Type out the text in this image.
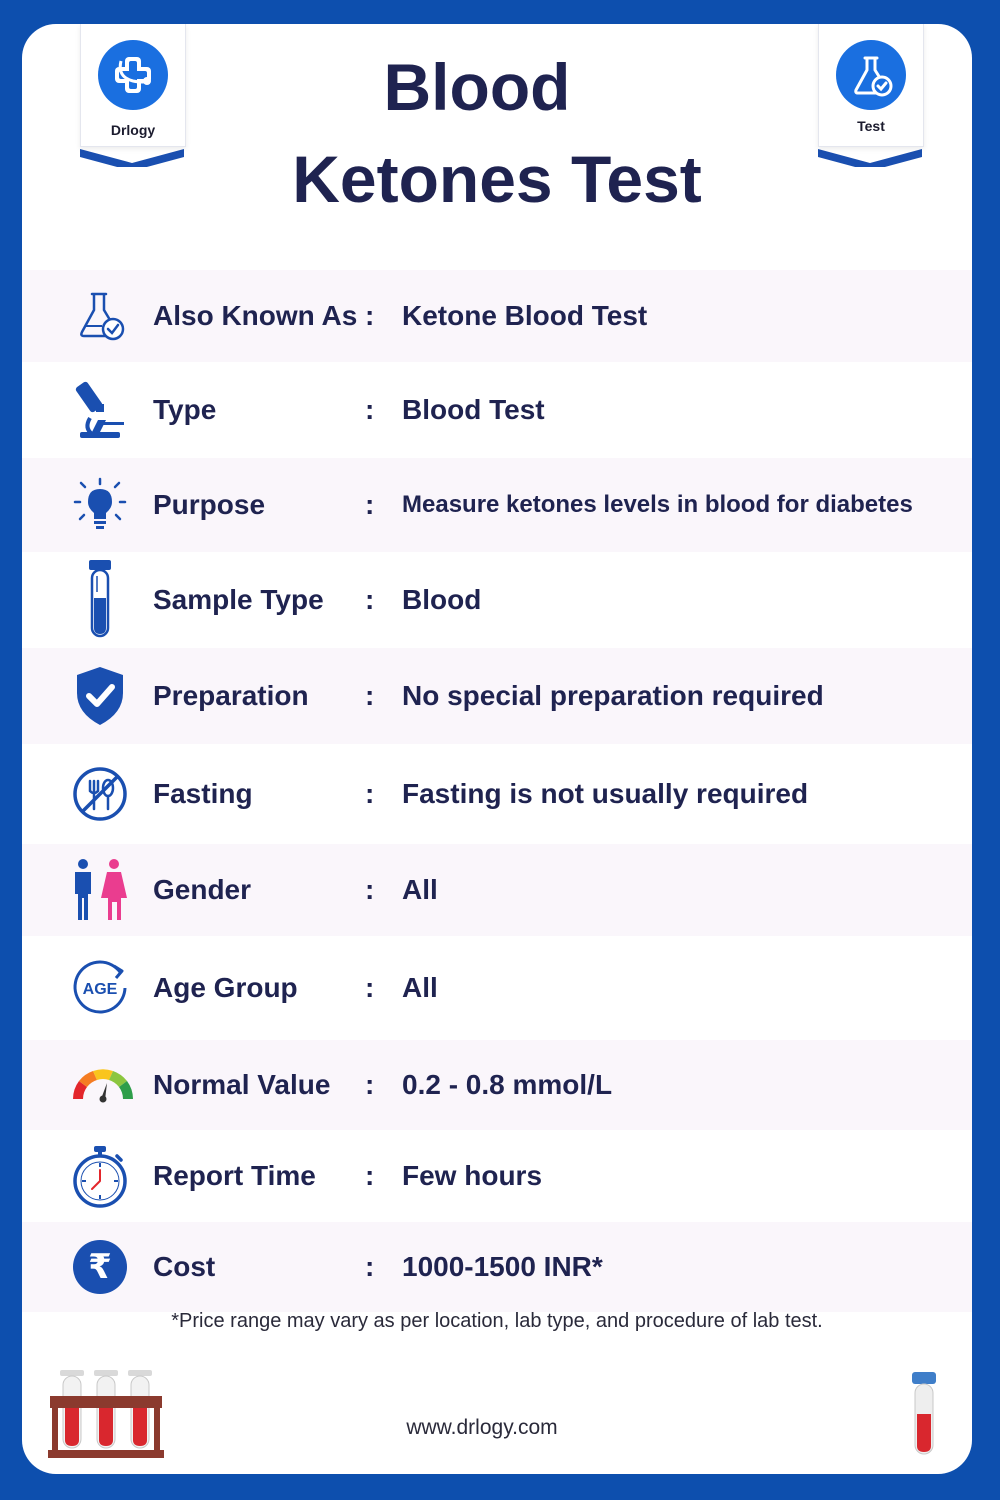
Drlogy	Test
Blood
Ketones Test
Also Known As : Ketone Blood Test
Type	: Blood Test
Purpose	: Measure ketones levels in blood for diabetes
Sample Type : Blood
Preparation : No special preparation required
Fasting	: Fasting is not usually required
Gender	: All
AGE Age Group : All
Normal Value : 0.2 - 0.8 mmol/L
Report Time : Few hours
₹	Cost	: 1000-1500 INR*
*Price range may vary as per location, lab type, and procedure of lab test.
www.drlogy.com
